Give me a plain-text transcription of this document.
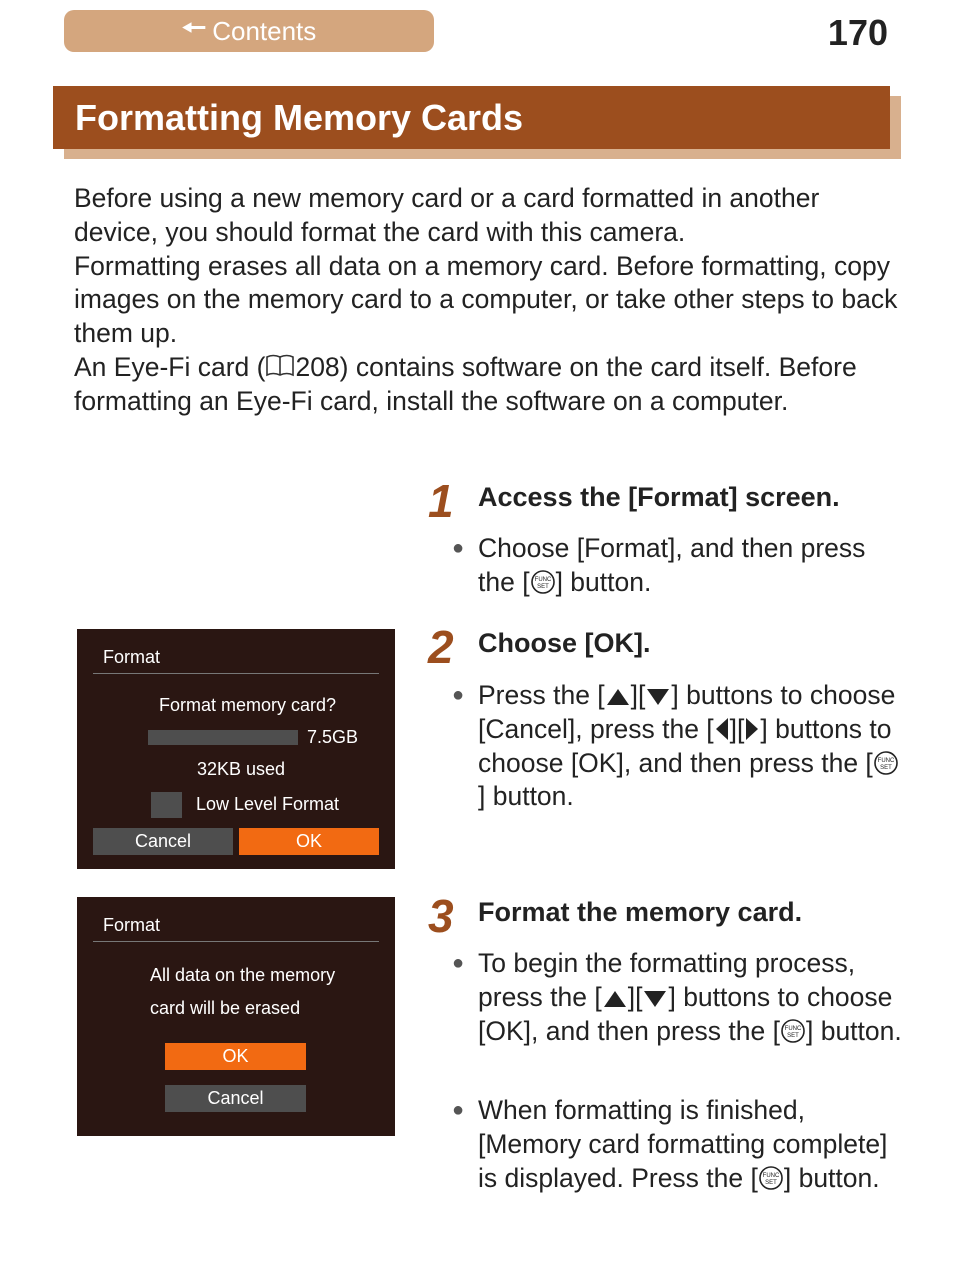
🠔 Contents	170
Formatting Memory Cards

Before using a new memory card or a card formatted in another device, you should format the card with this camera.

Formatting erases all data on a memory card. Before formatting, copy images on the memory card to a computer, or take other steps to back them up.

An Eye-Fi card ( 208) contains software on the card itself. Before formatting an Eye-Fi card, install the software on a computer.

1 Access the [Format] screen.
● Choose [Format], and then press the [ FUNC
SET ] button.
2 Choose [OK].
● Press the [ ][ ] buttons to choose [Cancel], press the [ ][ ] buttons to choose [OK], and then press the [ FUNC
SET
] button.
3 Format the memory card.
● To begin the formatting process, press the [ ][ ] buttons to choose [OK], and then press the [ FUNC
SET ] button.
● When formatting is finished, [Memory card formatting complete] is displayed. Press the [ FUNC
SET ] button.
Format
Format memory card?
7.5GB
32KB used
Low Level Format
Cancel	OK
Format
All data on the memory
card will be erased
OK
Cancel
